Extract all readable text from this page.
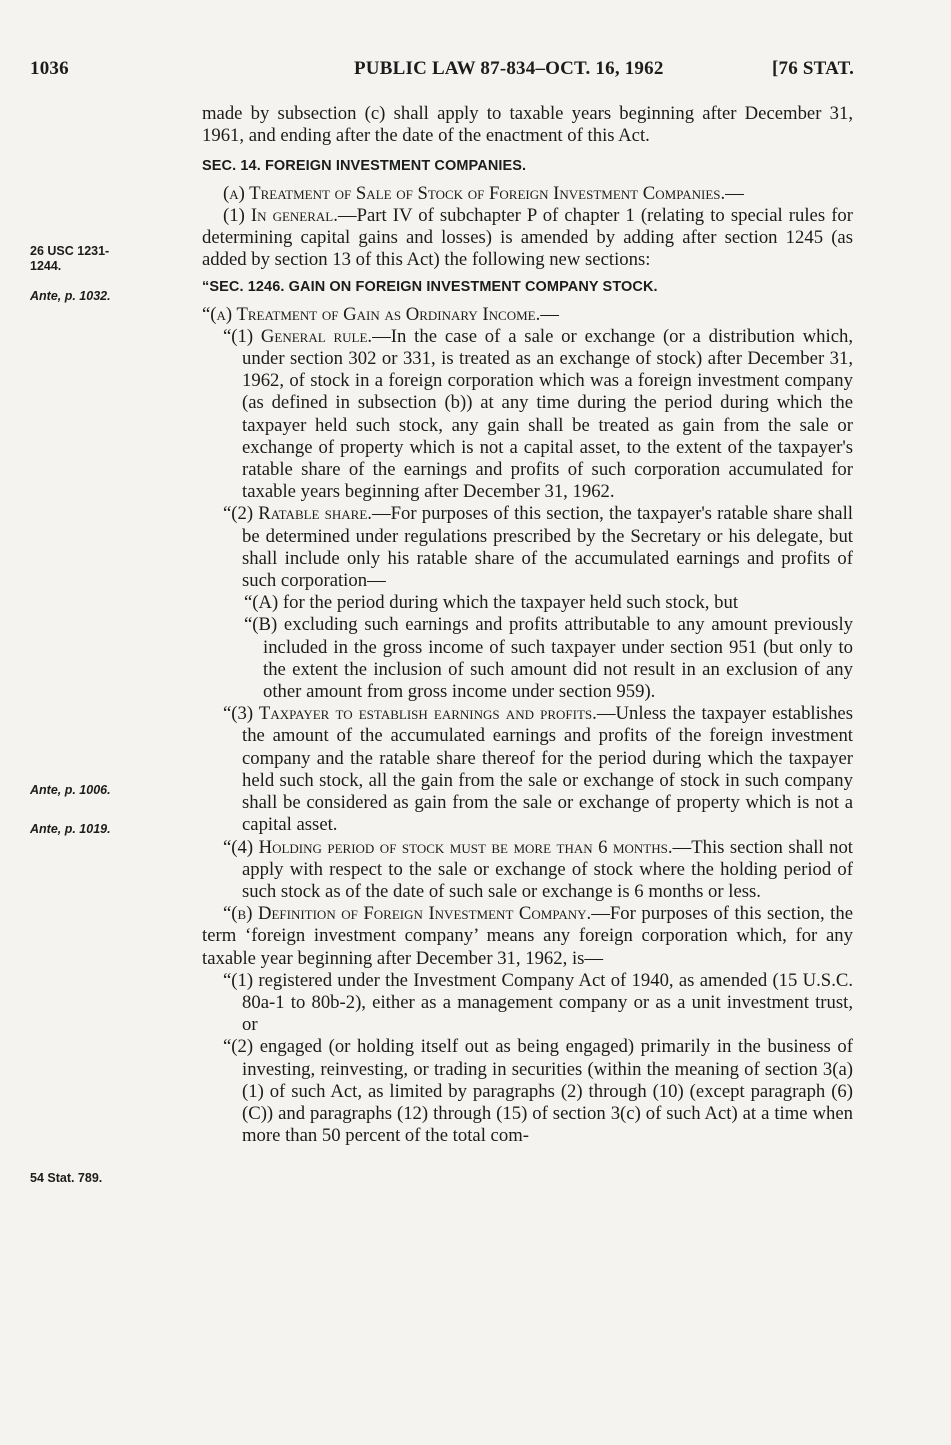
1036	PUBLIC LAW 87-834–OCT. 16, 1962	[76 STAT.
26 USC 1231-
1244.
Ante, p. 1032.
Ante, p. 1006.
Ante, p. 1019.
54 Stat. 789.

made by subsection (c) shall apply to taxable years beginning after December 31, 1961, and ending after the date of the enactment of this Act.

SEC. 14. FOREIGN INVESTMENT COMPANIES.

(a) Treatment of Sale of Stock of Foreign Investment Companies.—

(1) In general.—Part IV of subchapter P of chapter 1 (relating to special rules for determining capital gains and losses) is amended by adding after section 1245 (as added by section 13 of this Act) the following new sections:

“SEC. 1246. GAIN ON FOREIGN INVESTMENT COMPANY STOCK.

“(a) Treatment of Gain as Ordinary Income.—

“(1) General rule.—In the case of a sale or exchange (or a distribution which, under section 302 or 331, is treated as an exchange of stock) after December 31, 1962, of stock in a foreign corporation which was a foreign investment company (as defined in subsection (b)) at any time during the period during which the taxpayer held such stock, any gain shall be treated as gain from the sale or exchange of property which is not a capital asset, to the extent of the taxpayer's ratable share of the earnings and profits of such corporation accumulated for taxable years beginning after December 31, 1962.

“(2) Ratable share.—For purposes of this section, the taxpayer's ratable share shall be determined under regulations prescribed by the Secretary or his delegate, but shall include only his ratable share of the accumulated earnings and profits of such corporation—

“(A) for the period during which the taxpayer held such stock, but

“(B) excluding such earnings and profits attributable to any amount previously included in the gross income of such taxpayer under section 951 (but only to the extent the inclusion of such amount did not result in an exclusion of any other amount from gross income under section 959).

“(3) Taxpayer to establish earnings and profits.—Unless the taxpayer establishes the amount of the accumulated earnings and profits of the foreign investment company and the ratable share thereof for the period during which the taxpayer held such stock, all the gain from the sale or exchange of stock in such company shall be considered as gain from the sale or exchange of property which is not a capital asset.

“(4) Holding period of stock must be more than 6 months.—This section shall not apply with respect to the sale or exchange of stock where the holding period of such stock as of the date of such sale or exchange is 6 months or less.

“(b) Definition of Foreign Investment Company.—For purposes of this section, the term ‘foreign investment company’ means any foreign corporation which, for any taxable year beginning after December 31, 1962, is—

“(1) registered under the Investment Company Act of 1940, as amended (15 U.S.C. 80a-1 to 80b-2), either as a management company or as a unit investment trust, or

“(2) engaged (or holding itself out as being engaged) primarily in the business of investing, reinvesting, or trading in securities (within the meaning of section 3(a)(1) of such Act, as limited by paragraphs (2) through (10) (except paragraph (6)(C)) and paragraphs (12) through (15) of section 3(c) of such Act) at a time when more than 50 percent of the total com-
